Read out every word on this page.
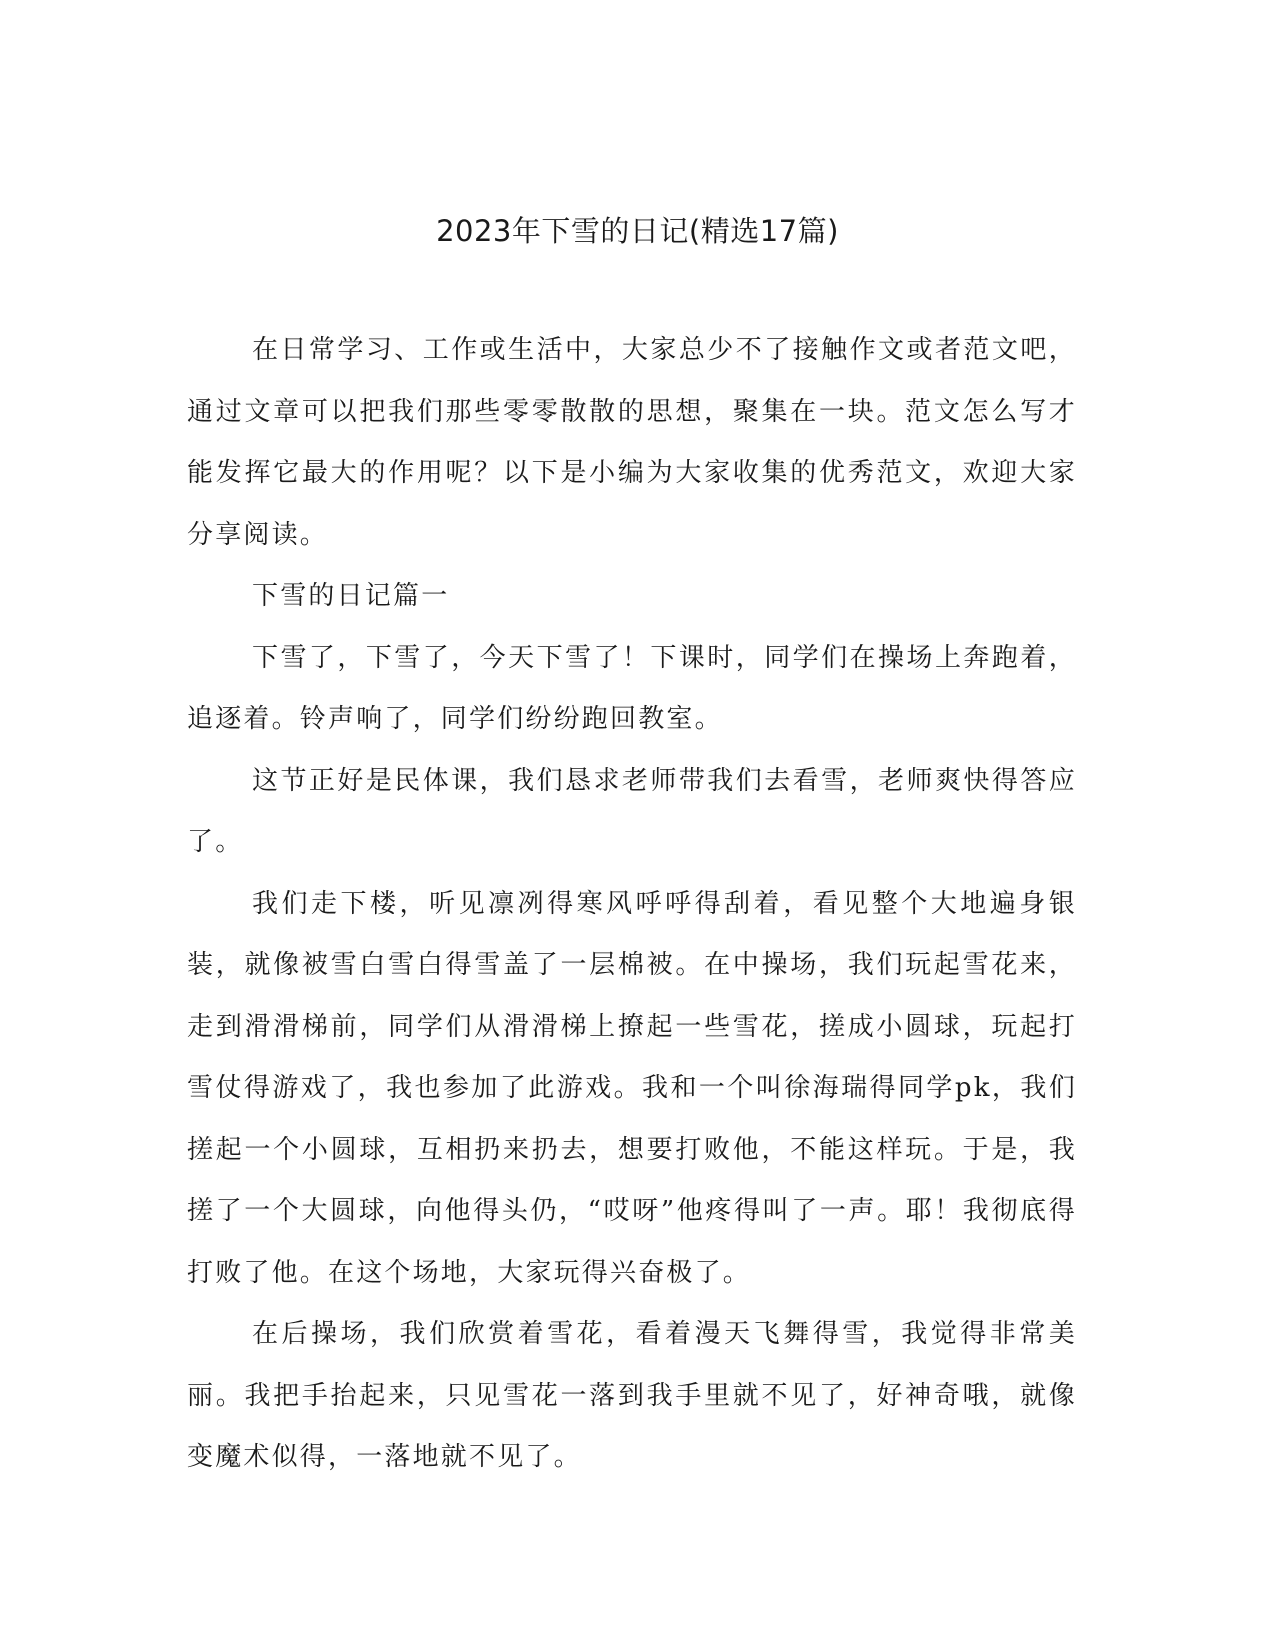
2023年下雪的日记(精选17篇)

在日常学习、工作或生活中，大家总少不了接触作文或者范文吧，通过文章可以把我们那些零零散散的思想，聚集在一块。范文怎么写才能发挥它最大的作用呢？以下是小编为大家收集的优秀范文，欢迎大家分享阅读。

下雪的日记篇一

下雪了，下雪了，今天下雪了！下课时，同学们在操场上奔跑着，追逐着。铃声响了，同学们纷纷跑回教室。

这节正好是民体课，我们恳求老师带我们去看雪，老师爽快得答应了。

我们走下楼，听见凛冽得寒风呼呼得刮着，看见整个大地遍身银装，就像被雪白雪白得雪盖了一层棉被。在中操场，我们玩起雪花来，走到滑滑梯前，同学们从滑滑梯上撩起一些雪花，搓成小圆球，玩起打雪仗得游戏了，我也参加了此游戏。我和一个叫徐海瑞得同学pk，我们搓起一个小圆球，互相扔来扔去，想要打败他，不能这样玩。于是，我搓了一个大圆球，向他得头仍，“哎呀”他疼得叫了一声。耶！我彻底得打败了他。在这个场地，大家玩得兴奋极了。

在后操场，我们欣赏着雪花，看着漫天飞舞得雪，我觉得非常美丽。我把手抬起来，只见雪花一落到我手里就不见了，好神奇哦，就像变魔术似得，一落地就不见了。
